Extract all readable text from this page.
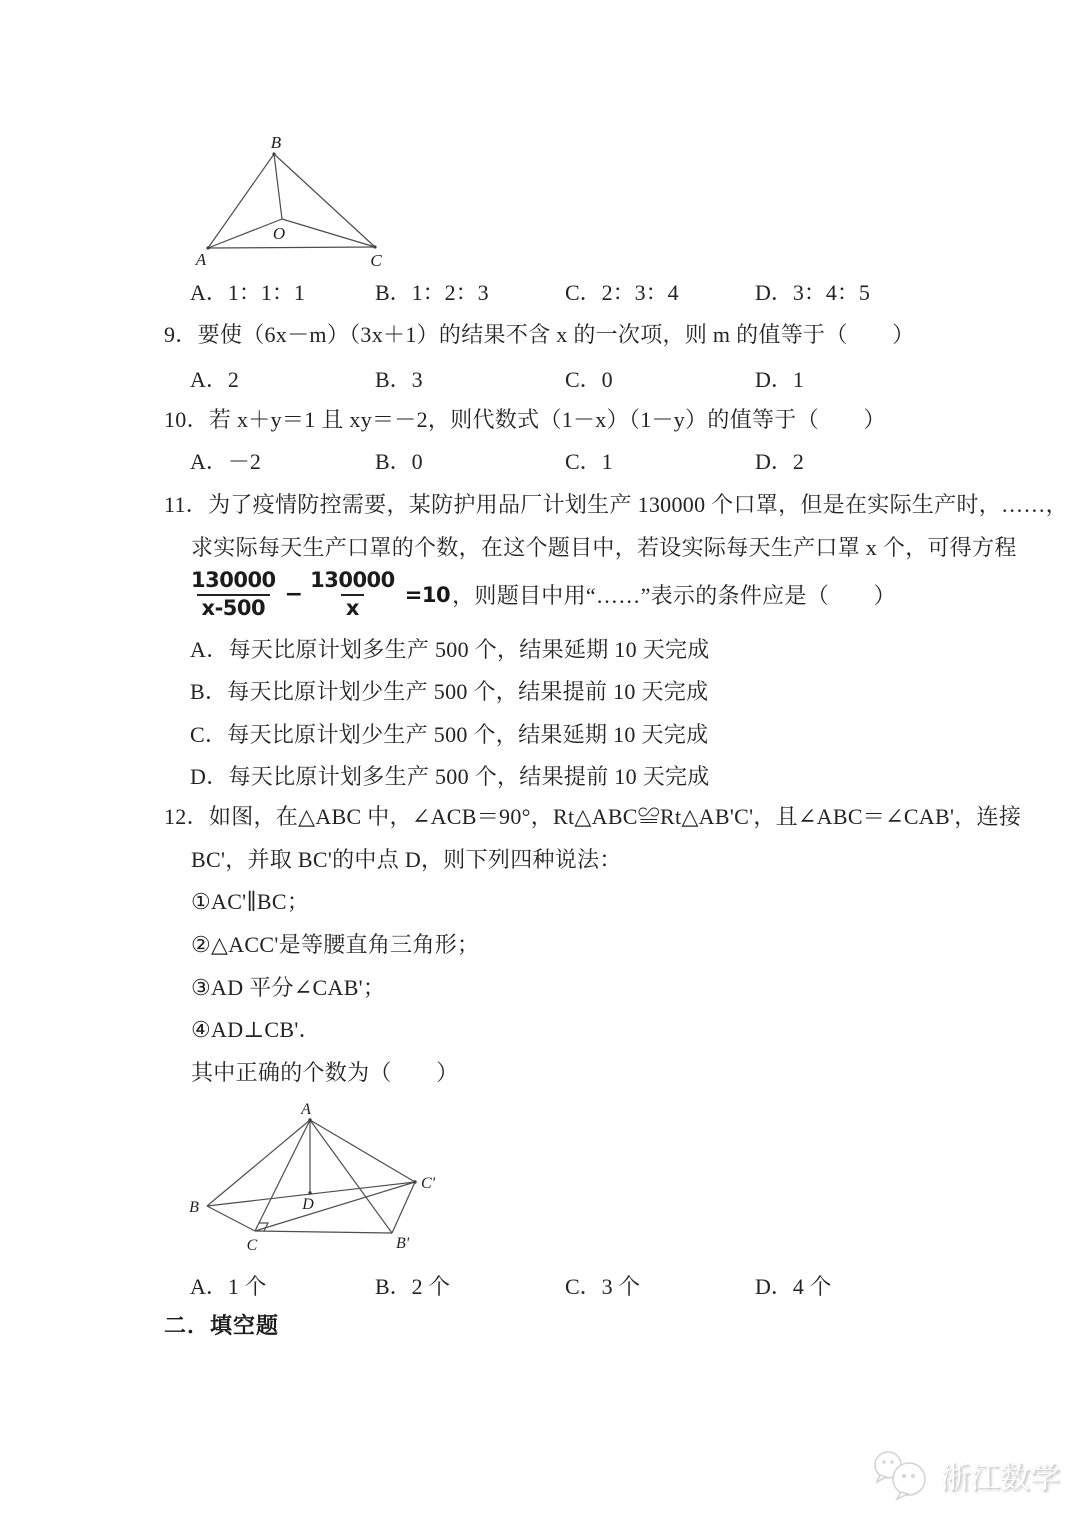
B
A	C
O
A．1：1：1	B．1：2：3	C．2：3：4	D．3：4：5
9．要使（6x－m）（3x＋1）的结果不含 x 的一次项，则 m 的值等于（　　）
A．2	B．3	C．0	D．1
10．若 x＋y＝1 且 xy＝－2，则代数式（1－x）（1－y）的值等于（　　）
A．－2	B．0	C．1	D．2
11．为了疫情防控需要，某防护用品厂计划生产 130000 个口罩，但是在实际生产时，……，
求实际每天生产口罩的个数，在这个题目中，若设实际每天生产口罩 x 个，可得方程
$\frac{130000}{x-500} - \frac{130000}{x} =10$ ，则题目中用“……”表示的条件应是（　　）
A．每天比原计划多生产 500 个，结果延期 10 天完成
B．每天比原计划少生产 500 个，结果提前 10 天完成
C．每天比原计划少生产 500 个，结果延期 10 天完成
D．每天比原计划多生产 500 个，结果提前 10 天完成
12．如图，在△ABC 中，∠ACB＝90°，Rt△ABC≌Rt△AB'C'，且∠ABC＝∠CAB'，连接
BC'，并取 BC'的中点 D，则下列四种说法：
①AC'∥BC；
②△ACC'是等腰直角三角形；
③AD 平分∠CAB'；
④AD⊥CB'．
其中正确的个数为（　　）
A
B
C	B'
C'
D
A．1 个	B．2 个	C．3 个	D．4 个
二．填空题
浙江数学
